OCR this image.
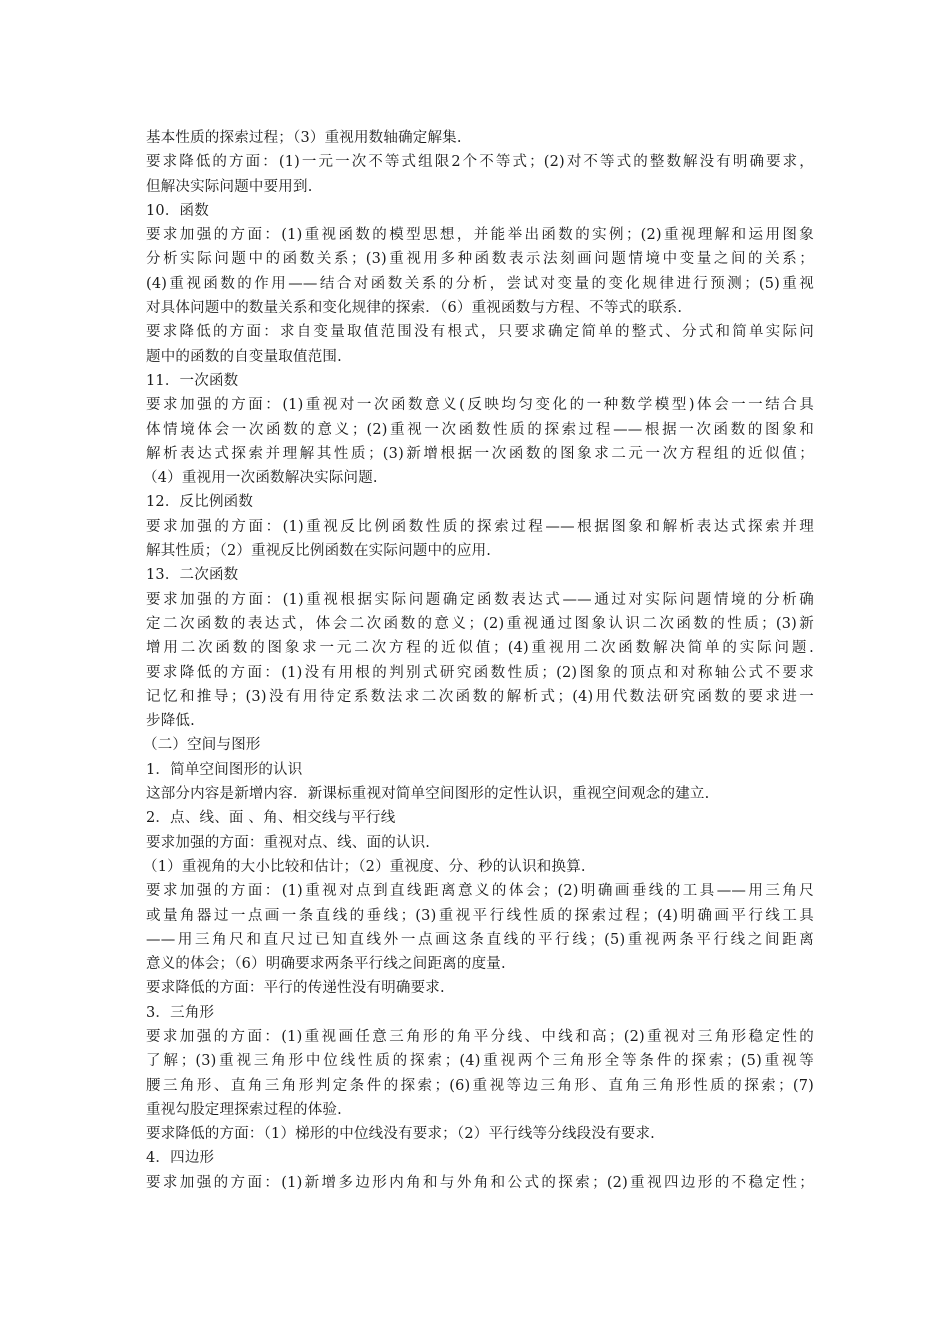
基本性质的探索过程；（3）重视用数轴确定解集.
要求降低的方面：(1)一元一次不等式组限2个不等式；(2)对不等式的整数解没有明确要求，
但解决实际问题中要用到.
10．函数
要求加强的方面：(1)重视函数的模型思想，并能举出函数的实例；(2)重视理解和运用图象
分析实际问题中的函数关系；(3)重视用多种函数表示法刻画问题情境中变量之间的关系；
(4)重视函数的作用——结合对函数关系的分析，尝试对变量的变化规律进行预测；(5)重视
对具体问题中的数量关系和变化规律的探索．（6）重视函数与方程、不等式的联系.
要求降低的方面：求自变量取值范围没有根式，只要求确定简单的整式、分式和简单实际问
题中的函数的自变量取值范围.
11．一次函数
要求加强的方面：(1)重视对一次函数意义(反映均匀变化的一种数学模型)体会一一结合具
体情境体会一次函数的意义；(2)重视一次函数性质的探索过程——根据一次函数的图象和
解析表达式探索并理解其性质；(3)新增根据一次函数的图象求二元一次方程组的近似值；
（4）重视用一次函数解决实际问题.
12．反比例函数
要求加强的方面：(1)重视反比例函数性质的探索过程——根据图象和解析表达式探索并理
解其性质；（2）重视反比例函数在实际问题中的应用.
13．二次函数
要求加强的方面：(1)重视根据实际问题确定函数表达式——通过对实际问题情境的分析确
定二次函数的表达式，体会二次函数的意义；(2)重视通过图象认识二次函数的性质；(3)新
增用二次函数的图象求一元二次方程的近似值；(4)重视用二次函数解决简单的实际问题.
要求降低的方面：(1)没有用根的判别式研究函数性质；(2)图象的顶点和对称轴公式不要求
记忆和推导；(3)没有用待定系数法求二次函数的解析式；(4)用代数法研究函数的要求进一
步降低.
（二）空间与图形
1．简单空间图形的认识
这部分内容是新增内容．新课标重视对简单空间图形的定性认识，重视空间观念的建立.
2．点、线、面 、角、相交线与平行线
要求加强的方面：重视对点、线、面的认识.
（1）重视角的大小比较和估计；（2）重视度、分、秒的认识和换算.
要求加强的方面：(1)重视对点到直线距离意义的体会；(2)明确画垂线的工具——用三角尺
或量角器过一点画一条直线的垂线；(3)重视平行线性质的探索过程；(4)明确画平行线工具
——用三角尺和直尺过已知直线外一点画这条直线的平行线；(5)重视两条平行线之间距离
意义的体会；（6）明确要求两条平行线之间距离的度量.
要求降低的方面：平行的传递性没有明确要求.
3．三角形
要求加强的方面：(1)重视画任意三角形的角平分线、中线和高；(2)重视对三角形稳定性的
了解；(3)重视三角形中位线性质的探索；(4)重视两个三角形全等条件的探索；(5)重视等
腰三角形、直角三角形判定条件的探索；(6)重视等边三角形、直角三角形性质的探索；(7)
重视勾股定理探索过程的体验.
要求降低的方面：（1）梯形的中位线没有要求；（2）平行线等分线段没有要求.
4．四边形
要求加强的方面：(1)新增多边形内角和与外角和公式的探索；(2)重视四边形的不稳定性；
